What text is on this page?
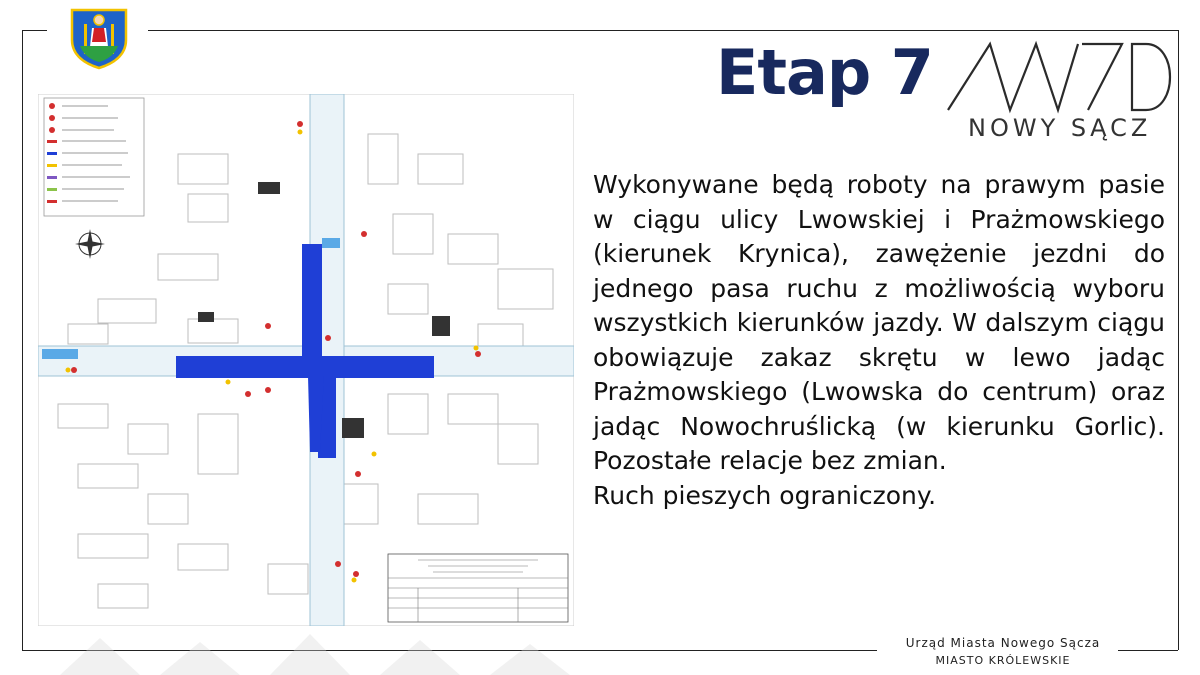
Etap 7
NOWY SĄCZ

Wykonywane będą roboty na prawym pasie w ciągu ulicy Lwowskiej i Prażmowskiego (kierunek Krynica), zawężenie jezdni do jednego pasa ruchu z możliwością wyboru wszystkich kierunków jazdy. W dalszym ciągu obowiązuje zakaz skrętu w lewo jadąc Prażmowskiego (Lwowska do centrum) oraz jadąc Nowochruślicką (w kierunku Gorlic). Pozostałe relacje bez zmian.

Ruch pieszych ograniczony.

Urząd Miasta Nowego Sącza
MIASTO KRÓLEWSKIE
